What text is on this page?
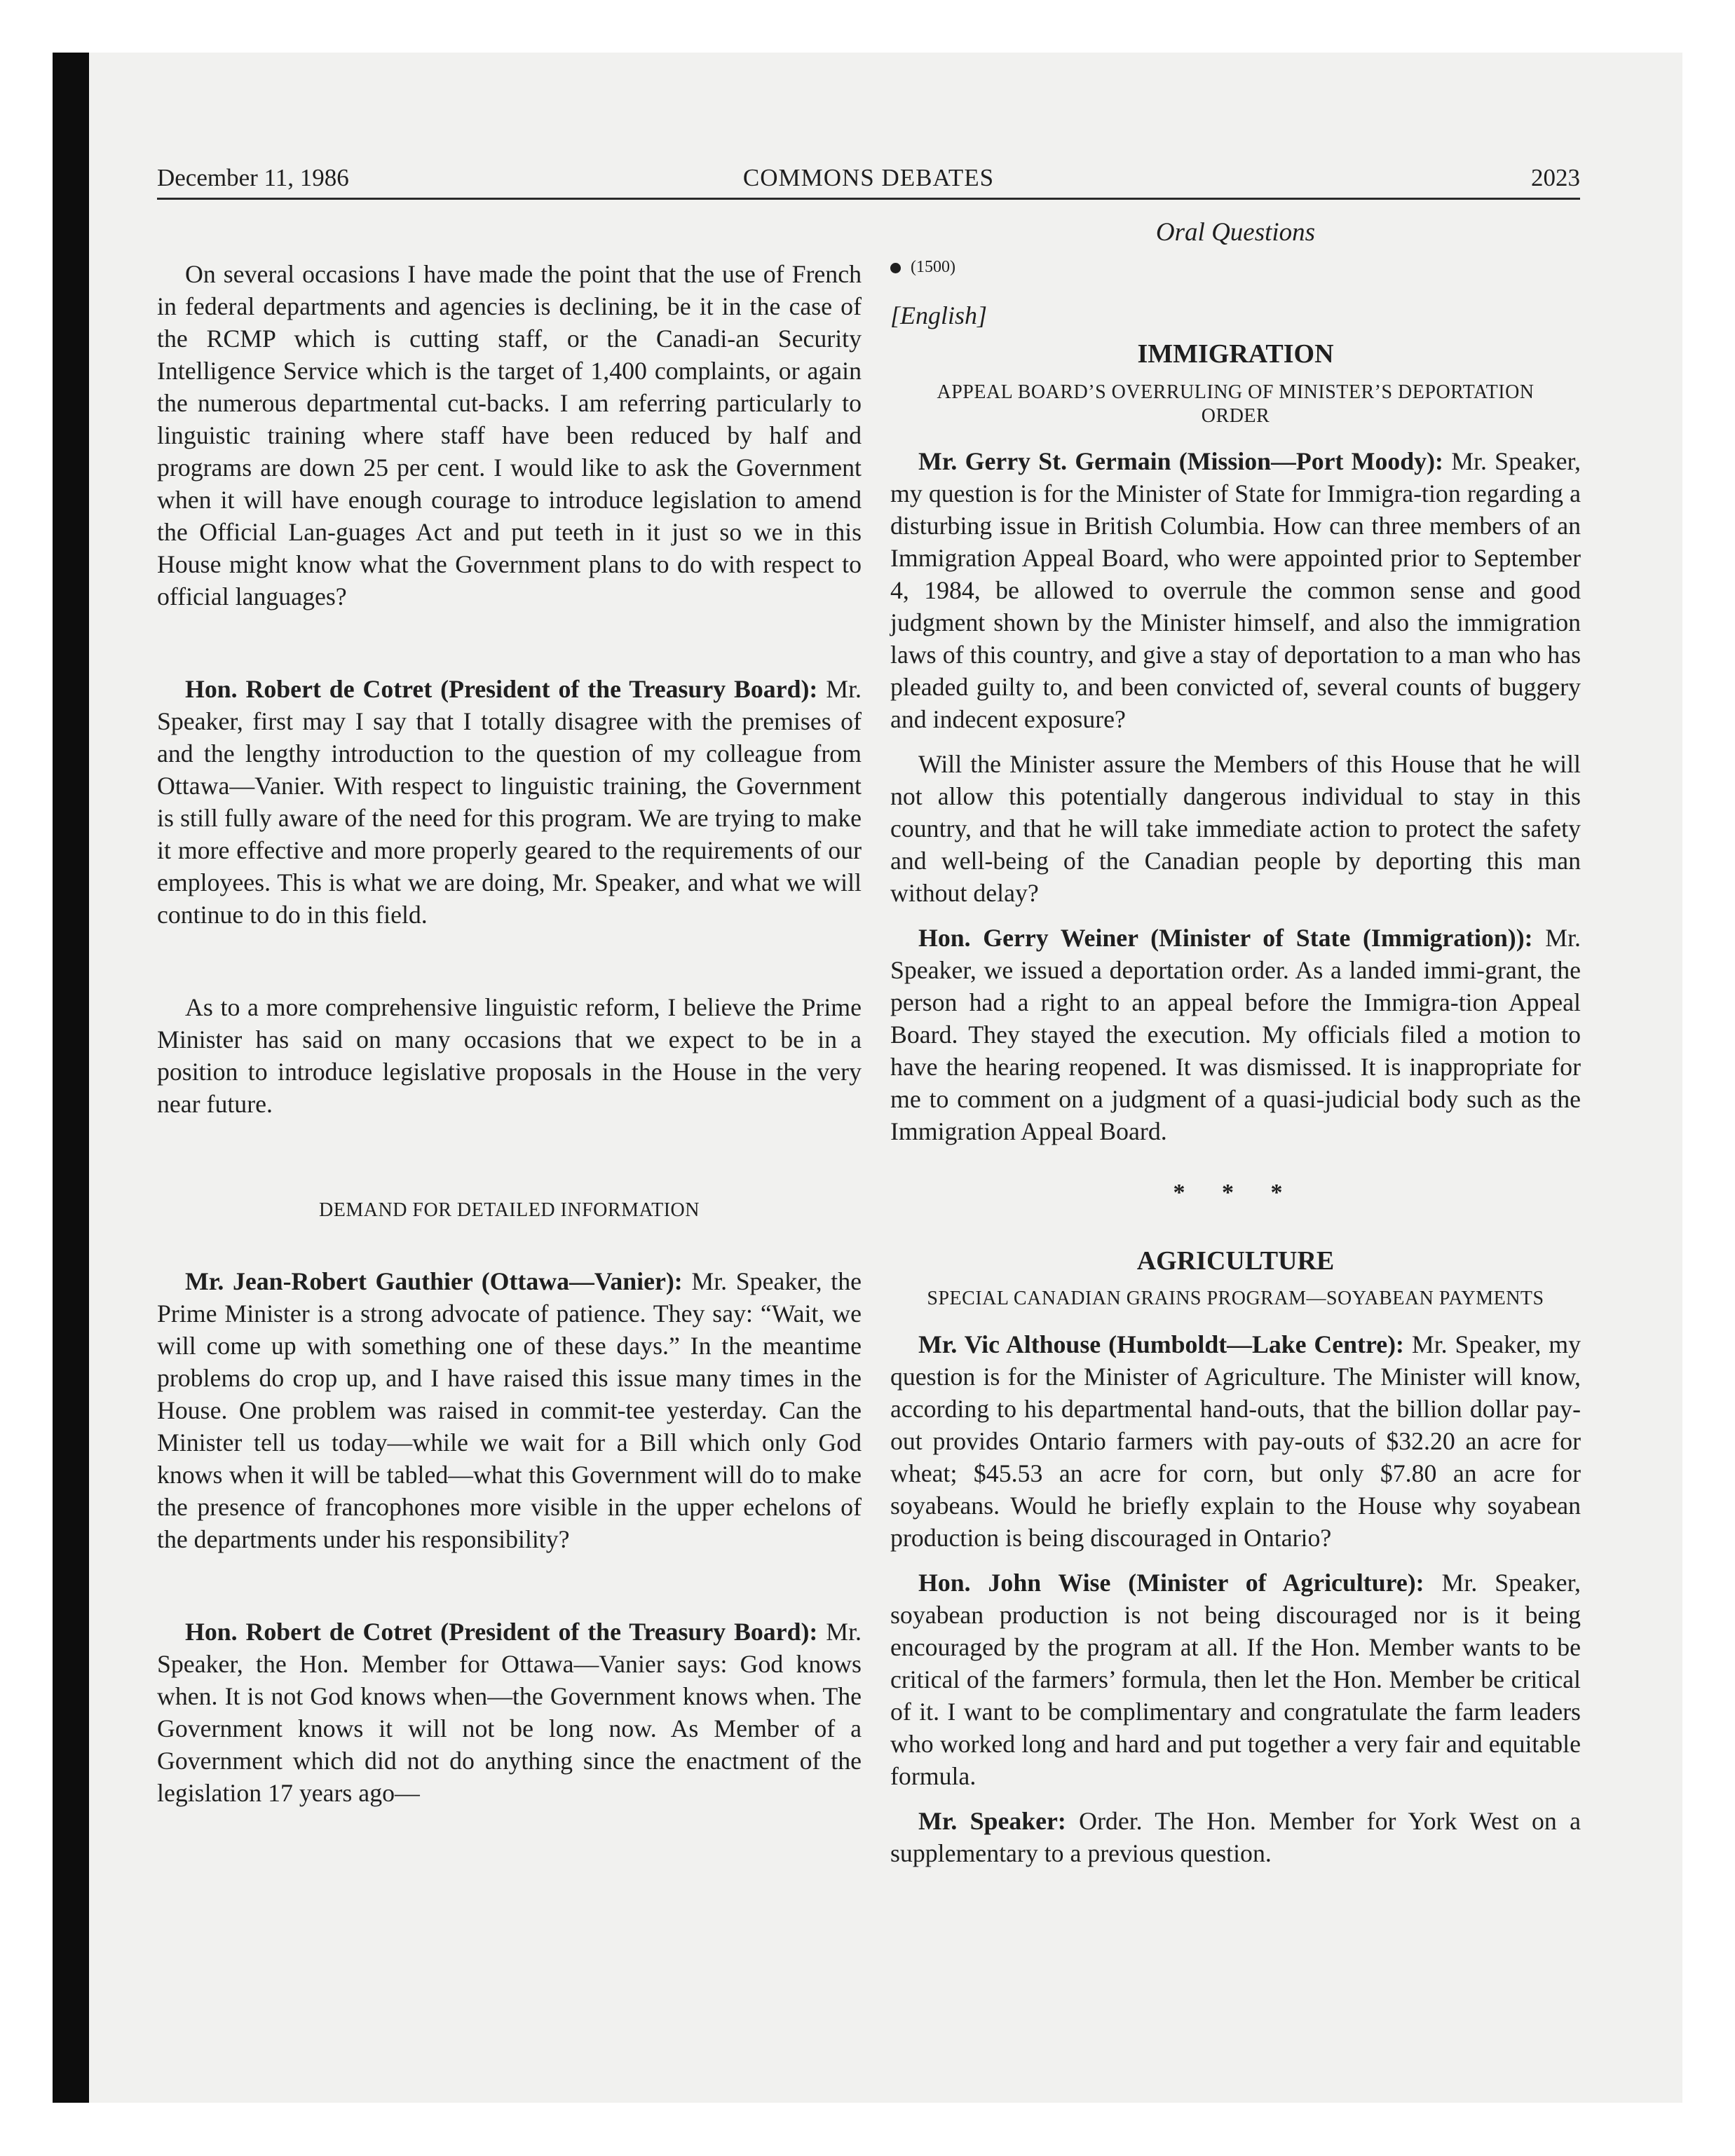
December 11, 1986	COMMONS DEBATES	2023
Oral Questions

On several occasions I have made the point that the use of French in federal departments and agencies is declining, be it in the case of the RCMP which is cutting staff, or the Canadi-an Security Intelligence Service which is the target of 1,400 complaints, or again the numerous departmental cut-backs. I am referring particularly to linguistic training where staff have been reduced by half and programs are down 25 per cent. I would like to ask the Government when it will have enough courage to introduce legislation to amend the Official Lan-guages Act and put teeth in it just so we in this House might know what the Government plans to do with respect to official languages?

Hon. Robert de Cotret (President of the Treasury Board): Mr. Speaker, first may I say that I totally disagree with the premises of and the lengthy introduction to the question of my colleague from Ottawa—Vanier. With respect to linguistic training, the Government is still fully aware of the need for this program. We are trying to make it more effective and more properly geared to the requirements of our employees. This is what we are doing, Mr. Speaker, and what we will continue to do in this field.

As to a more comprehensive linguistic reform, I believe the Prime Minister has said on many occasions that we expect to be in a position to introduce legislative proposals in the House in the very near future.

DEMAND FOR DETAILED INFORMATION

Mr. Jean-Robert Gauthier (Ottawa—Vanier): Mr. Speaker, the Prime Minister is a strong advocate of patience. They say: “Wait, we will come up with something one of these days.” In the meantime problems do crop up, and I have raised this issue many times in the House. One problem was raised in commit-tee yesterday. Can the Minister tell us today—while we wait for a Bill which only God knows when it will be tabled—what this Government will do to make the presence of francophones more visible in the upper echelons of the departments under his responsibility?

Hon. Robert de Cotret (President of the Treasury Board): Mr. Speaker, the Hon. Member for Ottawa—Vanier says: God knows when. It is not God knows when—the Government knows when. The Government knows it will not be long now. As Member of a Government which did not do anything since the enactment of the legislation 17 years ago—

(1500)
[English]
IMMIGRATION
APPEAL BOARD’S OVERRULING OF MINISTER’S DEPORTATION ORDER

Mr. Gerry St. Germain (Mission—Port Moody): Mr. Speaker, my question is for the Minister of State for Immigra-tion regarding a disturbing issue in British Columbia. How can three members of an Immigration Appeal Board, who were appointed prior to September 4, 1984, be allowed to overrule the common sense and good judgment shown by the Minister himself, and also the immigration laws of this country, and give a stay of deportation to a man who has pleaded guilty to, and been convicted of, several counts of buggery and indecent exposure?

Will the Minister assure the Members of this House that he will not allow this potentially dangerous individual to stay in this country, and that he will take immediate action to protect the safety and well-being of the Canadian people by deporting this man without delay?

Hon. Gerry Weiner (Minister of State (Immigration)): Mr. Speaker, we issued a deportation order. As a landed immi-grant, the person had a right to an appeal before the Immigra-tion Appeal Board. They stayed the execution. My officials filed a motion to have the hearing reopened. It was dismissed. It is inappropriate for me to comment on a judgment of a quasi-judicial body such as the Immigration Appeal Board.

* * *
AGRICULTURE
SPECIAL CANADIAN GRAINS PROGRAM—SOYABEAN PAYMENTS

Mr. Vic Althouse (Humboldt—Lake Centre): Mr. Speaker, my question is for the Minister of Agriculture. The Minister will know, according to his departmental hand-outs, that the billion dollar pay-out provides Ontario farmers with pay-outs of $32.20 an acre for wheat; $45.53 an acre for corn, but only $7.80 an acre for soyabeans. Would he briefly explain to the House why soyabean production is being discouraged in Ontario?

Hon. John Wise (Minister of Agriculture): Mr. Speaker, soyabean production is not being discouraged nor is it being encouraged by the program at all. If the Hon. Member wants to be critical of the farmers’ formula, then let the Hon. Member be critical of it. I want to be complimentary and congratulate the farm leaders who worked long and hard and put together a very fair and equitable formula.

Mr. Speaker: Order. The Hon. Member for York West on a supplementary to a previous question.
